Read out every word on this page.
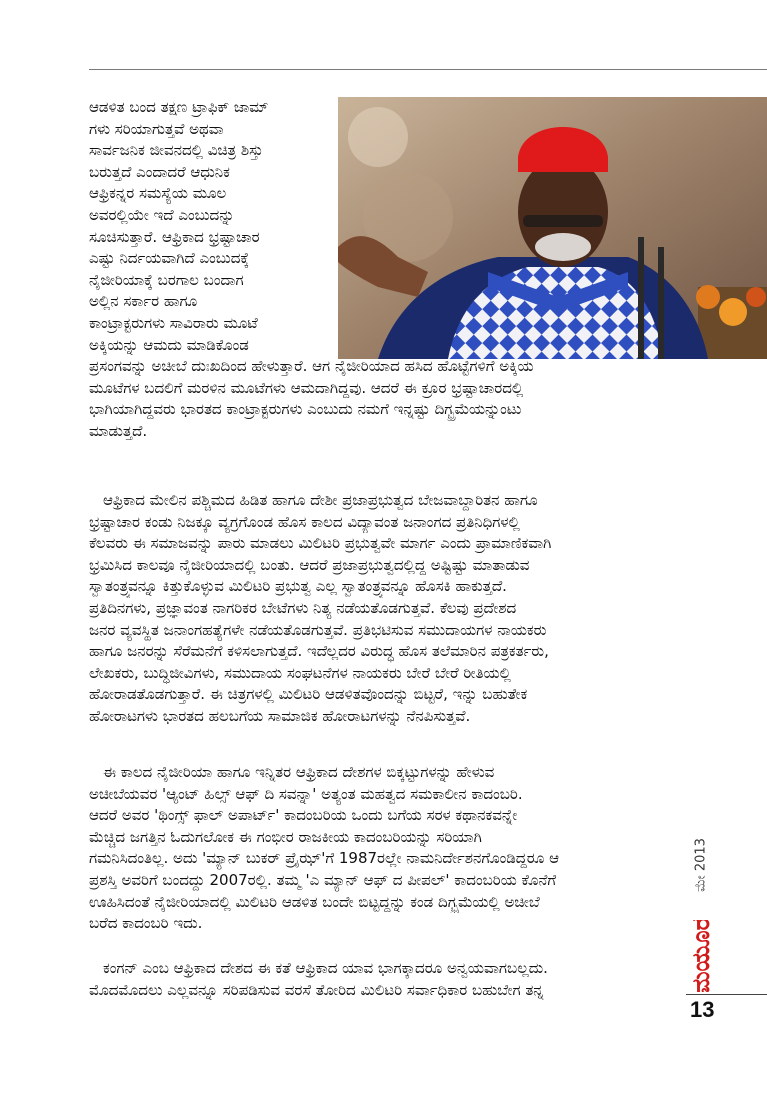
ಆಡಳಿತ ಬಂದ ತಕ್ಷಣ ಟ್ರಾಫಿಕ್ ಜಾಮ್
ಗಳು ಸರಿಯಾಗುತ್ತವೆ ಅಥವಾ
ಸಾರ್ವಜನಿಕ ಜೀವನದಲ್ಲಿ ವಿಚಿತ್ರ ಶಿಸ್ತು
ಬರುತ್ತದೆ ಎಂದಾದರೆ ಆಧುನಿಕ
ಆಫ್ರಿಕನ್ನರ ಸಮಸ್ಯೆಯ ಮೂಲ
ಅವರಲ್ಲಿಯೇ ಇದೆ ಎಂಬುದನ್ನು
ಸೂಚಿಸುತ್ತಾರೆ. ಆಫ್ರಿಕಾದ ಭ್ರಷ್ಟಾಚಾರ
ಎಷ್ಟು ನಿರ್ದಯವಾಗಿದೆ ಎಂಬುದಕ್ಕೆ
ನೈಜೀರಿಯಾಕ್ಕೆ ಬರಗಾಲ ಬಂದಾಗ
ಅಲ್ಲಿನ ಸರ್ಕಾರ ಹಾಗೂ
ಕಾಂಟ್ರಾಕ್ಟರುಗಳು ಸಾವಿರಾರು ಮೂಟೆ
ಅಕ್ಕಿಯನ್ನು ಆಮದು ಮಾಡಿಕೊಂಡ
ಪ್ರಸಂಗವನ್ನು ಅಚೀಬೆ ದುಃಖದಿಂದ ಹೇಳುತ್ತಾರೆ. ಆಗ ನೈಜೀರಿಯಾದ ಹಸಿದ ಹೊಟ್ಟೆಗಳಿಗೆ ಅಕ್ಕಿಯ
ಮೂಟೆಗಳ ಬದಲಿಗೆ ಮರಳಿನ ಮೂಟೆಗಳು ಆಮದಾಗಿದ್ದವು. ಆದರೆ ಈ ಕ್ರೂರ ಭ್ರಷ್ಟಾಚಾರದಲ್ಲಿ
ಭಾಗಿಯಾಗಿದ್ದವರು ಭಾರತದ ಕಾಂಟ್ರಾಕ್ಟರುಗಳು ಎಂಬುದು ನಮಗೆ ಇನ್ನಷ್ಟು ದಿಗ್ಭ್ರಮೆಯನ್ನುಂಟು
ಮಾಡುತ್ತದೆ.
ಆಫ್ರಿಕಾದ ಮೇಲಿನ ಪಶ್ಚಿಮದ ಹಿಡಿತ ಹಾಗೂ ದೇಶೀ ಪ್ರಜಾಪ್ರಭುತ್ವದ ಬೇಜವಾಬ್ದಾರಿತನ ಹಾಗೂ
ಭ್ರಷ್ಟಾಚಾರ ಕಂಡು ನಿಜಕ್ಕೂ ವ್ಯಗ್ರಗೊಂಡ ಹೊಸ ಕಾಲದ ವಿದ್ಯಾವಂತ ಜನಾಂಗದ ಪ್ರತಿನಿಧಿಗಳಲ್ಲಿ
ಕೆಲವರು ಈ ಸಮಾಜವನ್ನು ಪಾರು ಮಾಡಲು ಮಿಲಿಟರಿ ಪ್ರಭುತ್ವವೇ ಮಾರ್ಗ ಎಂದು ಪ್ರಾಮಾಣಿಕವಾಗಿ
ಭ್ರಮಿಸಿದ ಕಾಲವೂ ನೈಜೀರಿಯಾದಲ್ಲಿ ಬಂತು. ಆದರೆ ಪ್ರಜಾಪ್ರಭುತ್ವದಲ್ಲಿದ್ದ ಅಷ್ಟಿಷ್ಟು ಮಾತಾಡುವ
ಸ್ವಾತಂತ್ರ್ಯವನ್ನೂ ಕಿತ್ತುಕೊಳ್ಳುವ ಮಿಲಿಟರಿ ಪ್ರಭುತ್ವ ಎಲ್ಲ ಸ್ವಾತಂತ್ರ್ಯವನ್ನೂ ಹೊಸಕಿ ಹಾಕುತ್ತದೆ.
ಪ್ರತಿದಿನಗಳು, ಪ್ರಜ್ಞಾವಂತ ನಾಗರಿಕರ ಬೇಟೆಗಳು ನಿತ್ಯ ನಡೆಯತೊಡಗುತ್ತವೆ. ಕೆಲವು ಪ್ರದೇಶದ
ಜನರ ವ್ಯವಸ್ಥಿತ ಜನಾಂಗಹತ್ಯೆಗಳೇ ನಡೆಯತೊಡಗುತ್ತವೆ. ಪ್ರತಿಭಟಿಸುವ ಸಮುದಾಯಗಳ ನಾಯಕರು
ಹಾಗೂ ಜನರನ್ನು ಸೆರೆಮನೆಗೆ ಕಳಿಸಲಾಗುತ್ತದೆ. ಇದೆಲ್ಲದರ ವಿರುದ್ಧ ಹೊಸ ತಲೆಮಾರಿನ ಪತ್ರಕರ್ತರು,
ಲೇಖಕರು, ಬುದ್ಧಿಜೀವಿಗಳು, ಸಮುದಾಯ ಸಂಘಟನೆಗಳ ನಾಯಕರು ಬೇರೆ ಬೇರೆ ರೀತಿಯಲ್ಲಿ
ಹೋರಾಡತೊಡಗುತ್ತಾರೆ. ಈ ಚಿತ್ರಗಳಲ್ಲಿ ಮಿಲಿಟರಿ ಆಡಳಿತವೊಂದನ್ನು ಬಿಟ್ಟರೆ, ಇನ್ನು ಬಹುತೇಕ
ಹೋರಾಟಗಳು ಭಾರತದ ಹಲಬಗೆಯ ಸಾಮಾಜಿಕ ಹೋರಾಟಗಳನ್ನು ನೆನಪಿಸುತ್ತವೆ.
ಈ ಕಾಲದ ನೈಜೀರಿಯಾ ಹಾಗೂ ಇನ್ನಿತರ ಆಫ್ರಿಕಾದ ದೇಶಗಳ ಬಿಕ್ಕಟ್ಟುಗಳನ್ನು ಹೇಳುವ
ಅಚೀಬೆಯವರ 'ಆ್ಯಂಟ್ ಹಿಲ್ಸ್ ಆಫ್ ದಿ ಸವನ್ನಾ' ಅತ್ಯಂತ ಮಹತ್ವದ ಸಮಕಾಲೀನ ಕಾದಂಬರಿ.
ಆದರೆ ಅವರ 'ಥಿಂಗ್ಸ್ ಫಾಲ್ ಅಪಾರ್ಟ್' ಕಾದಂಬರಿಯ ಒಂದು ಬಗೆಯ ಸರಳ ಕಥಾನಕವನ್ನೇ
ಮೆಚ್ಚಿದ ಜಗತ್ತಿನ ಓದುಗಲೋಕ ಈ ಗಂಭೀರ ರಾಜಕೀಯ ಕಾದಂಬರಿಯನ್ನು ಸರಿಯಾಗಿ
ಗಮನಿಸಿದಂತಿಲ್ಲ. ಅದು 'ಮ್ಯಾನ್ ಬುಕರ್ ಪ್ರೈಝ್'ಗೆ 1987ರಲ್ಲೇ ನಾಮನಿರ್ದೇಶನಗೊಂಡಿದ್ದರೂ ಆ
ಪ್ರಶಸ್ತಿ ಅವರಿಗೆ ಬಂದದ್ದು 2007ರಲ್ಲಿ. ತಮ್ಮ 'ಎ ಮ್ಯಾನ್ ಆಫ್ ದ ಪೀಪಲ್' ಕಾದಂಬರಿಯ ಕೊನೆಗೆ
ಊಹಿಸಿದಂತೆ ನೈಜೀರಿಯಾದಲ್ಲಿ ಮಿಲಿಟರಿ ಆಡಳಿತ ಬಂದೇ ಬಿಟ್ಟದ್ದನ್ನು ಕಂಡ ದಿಗ್ಭ್ರಮೆಯಲ್ಲಿ ಅಚೀಬೆ
ಬರೆದ ಕಾದಂಬರಿ ಇದು.
ಕಂಗನ್ ಎಂಬ ಆಫ್ರಿಕಾದ ದೇಶದ ಈ ಕತೆ ಆಫ್ರಿಕಾದ ಯಾವ ಭಾಗಕ್ಕಾದರೂ ಅನ್ವಯವಾಗಬಲ್ಲದು.
ಮೊದಮೊದಲು ಎಲ್ಲವನ್ನೂ ಸರಿಪಡಿಸುವ ವರಸೆ ತೋರಿದ ಮಿಲಿಟರಿ ಸರ್ವಾಧಿಕಾರ ಬಹುಬೇಗ ತನ್ನ
ಮೇ 2013
ಮಯೂರ
13
